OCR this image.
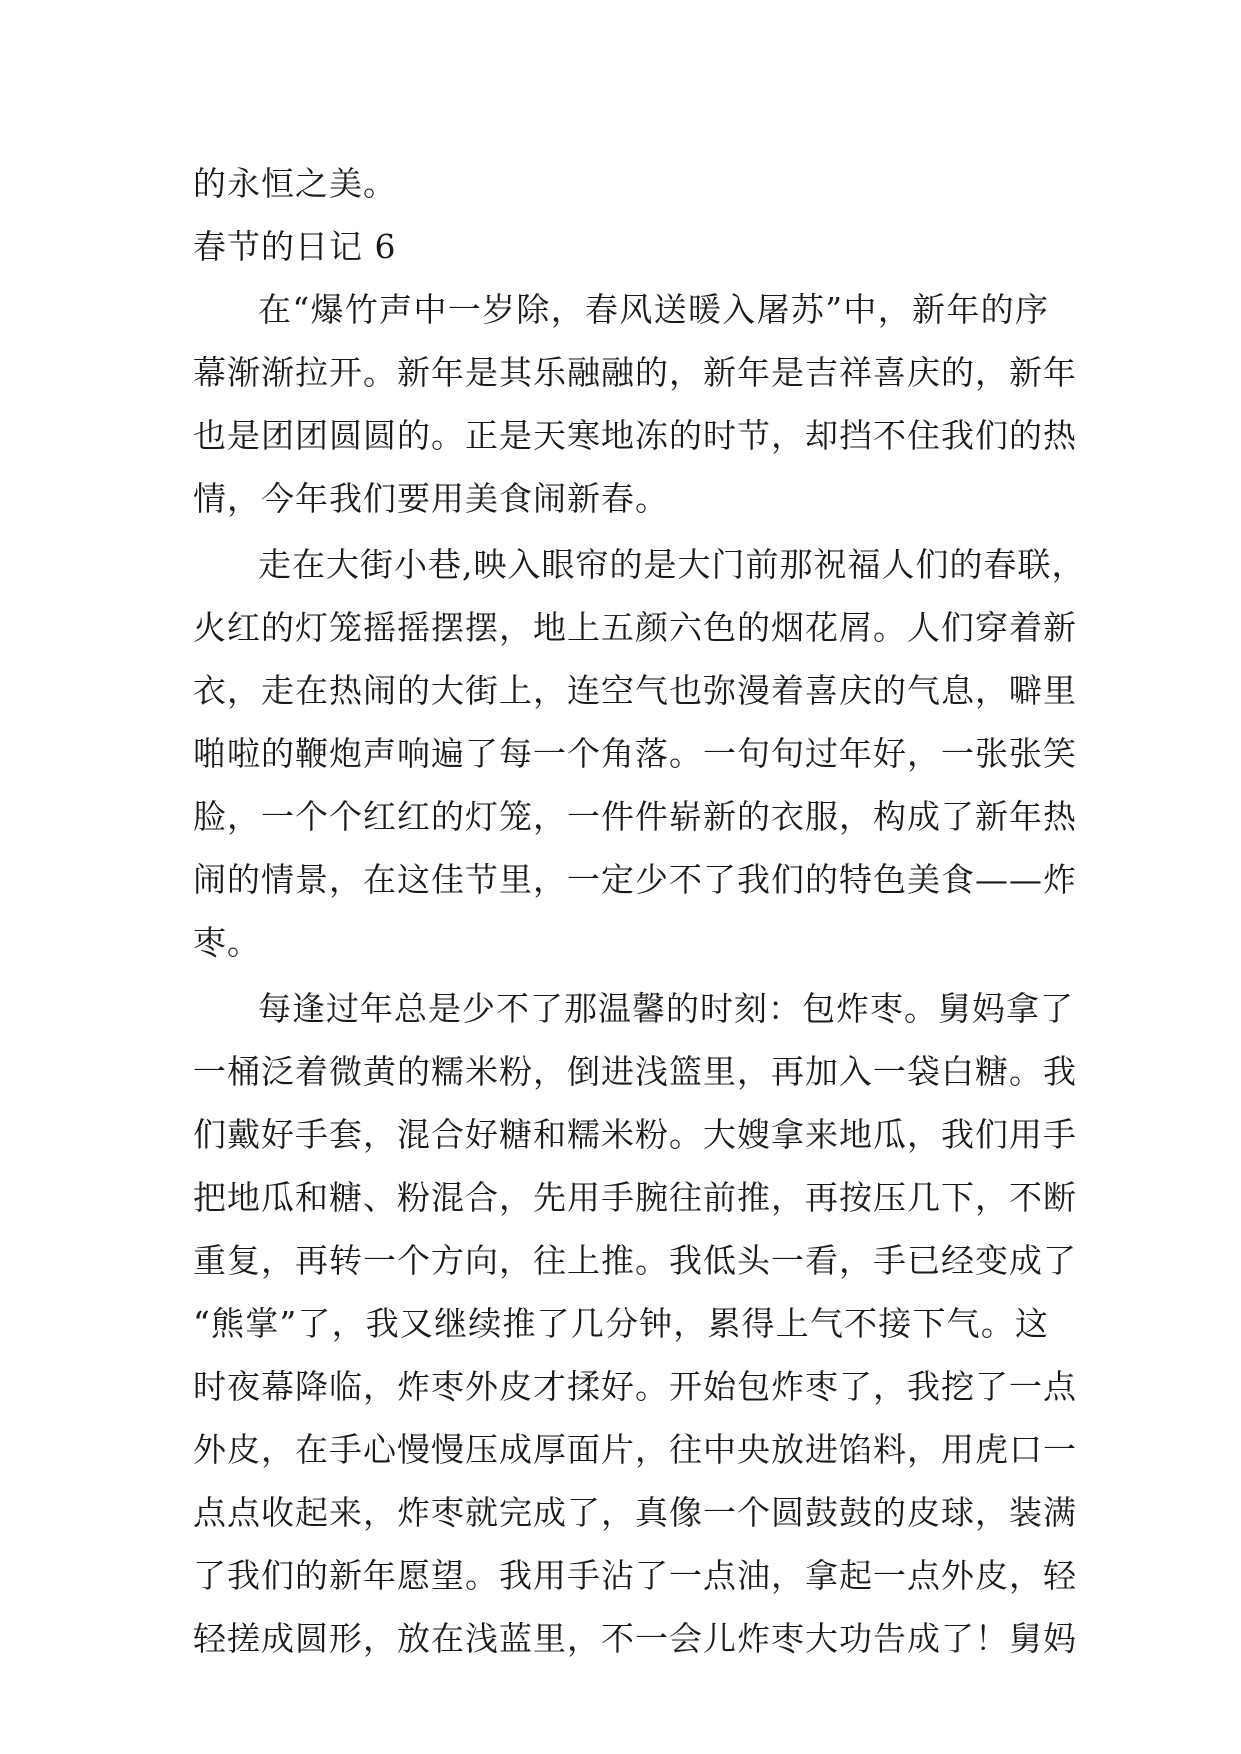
的永恒之美。
春节的日记 6
在“爆竹声中一岁除，春风送暖入屠苏”中，新年的序
幕渐渐拉开。新年是其乐融融的，新年是吉祥喜庆的，新年
也是团团圆圆的。正是天寒地冻的时节，却挡不住我们的热
情，今年我们要用美食闹新春。
走在大街小巷,映入眼帘的是大门前那祝福人们的春联，
火红的灯笼摇摇摆摆，地上五颜六色的烟花屑。人们穿着新
衣，走在热闹的大街上，连空气也弥漫着喜庆的气息，噼里
啪啦的鞭炮声响遍了每一个角落。一句句过年好，一张张笑
脸，一个个红红的灯笼，一件件崭新的衣服，构成了新年热
闹的情景，在这佳节里，一定少不了我们的特色美食——炸
枣。
每逢过年总是少不了那温馨的时刻：包炸枣。舅妈拿了
一桶泛着微黄的糯米粉，倒进浅篮里，再加入一袋白糖。我
们戴好手套，混合好糖和糯米粉。大嫂拿来地瓜，我们用手
把地瓜和糖、粉混合，先用手腕往前推，再按压几下，不断
重复，再转一个方向，往上推。我低头一看，手已经变成了
“熊掌”了，我又继续推了几分钟，累得上气不接下气。这
时夜幕降临，炸枣外皮才揉好。开始包炸枣了，我挖了一点
外皮，在手心慢慢压成厚面片，往中央放进馅料，用虎口一
点点收起来，炸枣就完成了，真像一个圆鼓鼓的皮球，装满
了我们的新年愿望。我用手沾了一点油，拿起一点外皮，轻
轻搓成圆形，放在浅蓝里，不一会儿炸枣大功告成了！舅妈
